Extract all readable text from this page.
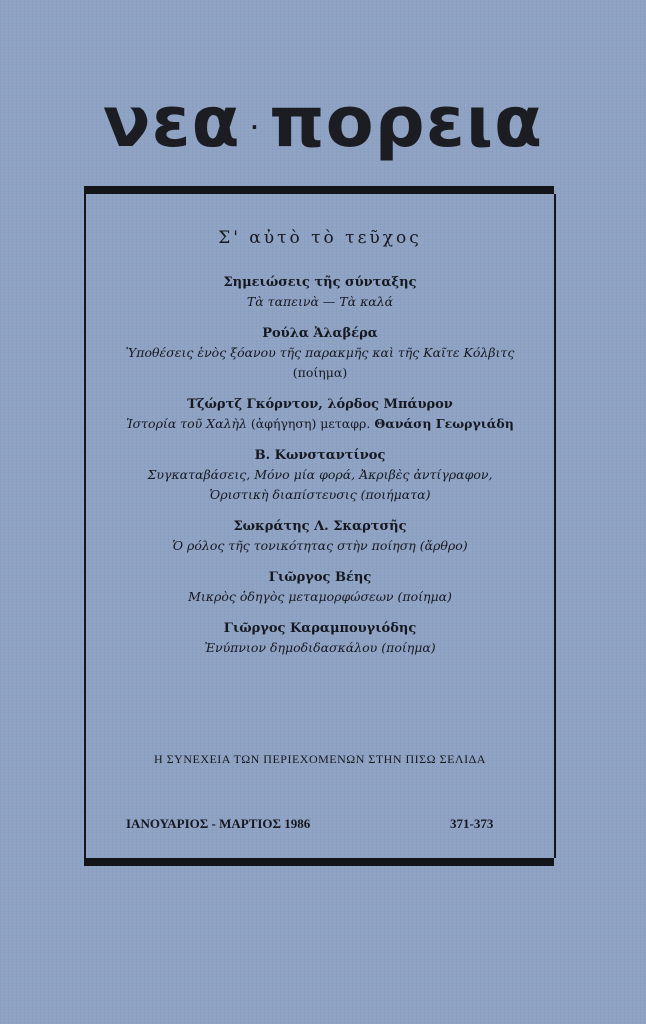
νεα · πορεια
Σ' αὐτὸ τὸ τεῦχος
Σημειώσεις τῆς σύνταξης
Τὰ ταπεινὰ — Τὰ καλά
Ρούλα Ἀλαβέρα
Ὑποθέσεις ἑνὸς ξόανου τῆς παρακμῆς καὶ τῆς Καῖτε Κόλβιτς
(ποίημα)
Τζώρτζ Γκόρντον, λόρδος Μπάυρον
Ἱστορία τοῦ Χαλὴλ (ἀφήγηση) μεταφρ. Θανάση Γεωργιάδη
Β. Κωνσταντίνος
Συγκαταβάσεις, Μόνο μία φορά, Ἀκριβὲς ἀντίγραφον,
Ὁριστικὴ διαπίστευσις (ποιήματα)
Σωκράτης Λ. Σκαρτσῆς
Ὁ ρόλος τῆς τονικότητας στὴν ποίηση (ἄρθρο)
Γιῶργος Βέης
Μικρὸς ὁδηγὸς μεταμορφώσεων (ποίημα)
Γιῶργος Καραμπουγιόδης
Ἐνύπνιον δημοδιδασκάλου (ποίημα)
Η ΣΥΝΕΧΕΙΑ ΤΩΝ ΠΕΡΙΕΧΟΜΕΝΩΝ ΣΤΗΝ ΠΙΣΩ ΣΕΛΙΔΑ
ΙΑΝΟΥΑΡΙΟΣ - ΜΑΡΤΙΟΣ 1986	371-373
